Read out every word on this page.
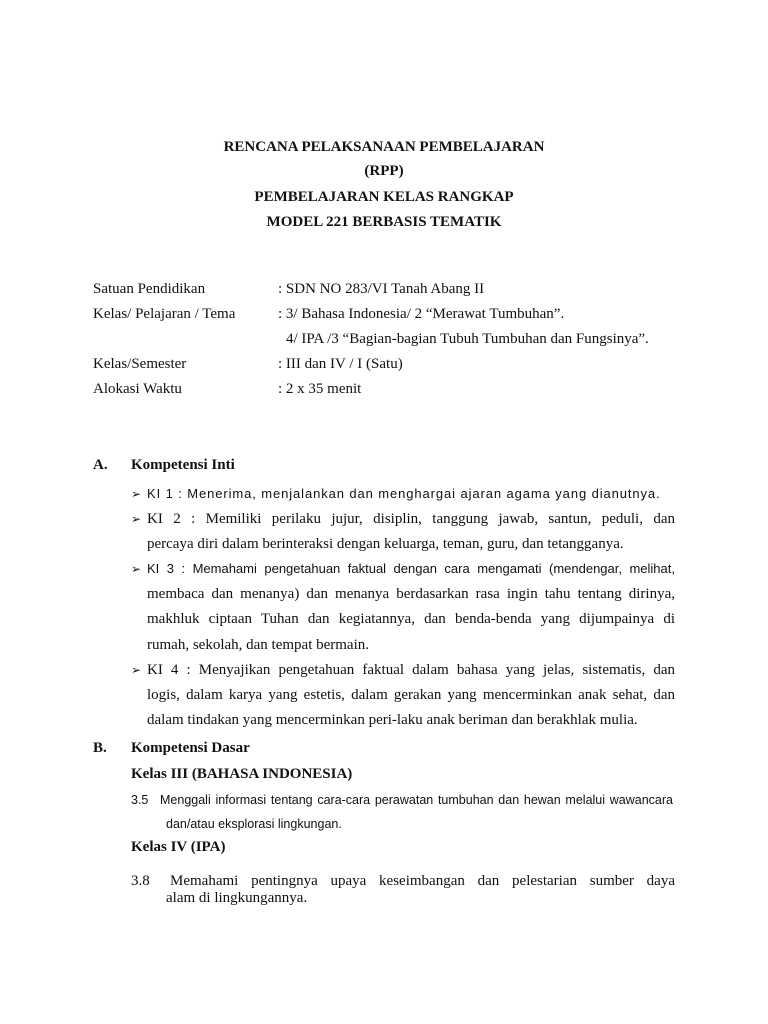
RENCANA PELAKSANAAN PEMBELAJARAN
(RPP)
PEMBELAJARAN KELAS RANGKAP
MODEL 221 BERBASIS TEMATIK
Satuan Pendidikan	: SDN NO 283/VI Tanah Abang II
Kelas/ Pelajaran / Tema	: 3/ Bahasa Indonesia/ 2 “Merawat Tumbuhan”.
4/ IPA /3 “Bagian-bagian Tubuh Tumbuhan dan Fungsinya”.
Kelas/Semester	: III dan IV / I (Satu)
Alokasi Waktu	: 2 x 35 menit
A. Kompetensi Inti
➢
KI 1 : Menerima, menjalankan dan menghargai ajaran agama yang dianutnya.
➢
KI 2 : Memiliki perilaku jujur, disiplin, tanggung jawab, santun, peduli, dan
percaya diri dalam berinteraksi dengan keluarga, teman, guru, dan tetangganya.
➢
KI 3 : Memahami pengetahuan faktual dengan cara mengamati (mendengar, melihat,
membaca dan menanya) dan menanya berdasarkan rasa ingin tahu tentang dirinya,
makhluk ciptaan Tuhan dan kegiatannya, dan benda-benda yang dijumpainya di
rumah, sekolah, dan tempat bermain.
➢
KI 4 : Menyajikan pengetahuan faktual dalam bahasa yang jelas, sistematis, dan
logis, dalam karya yang estetis, dalam gerakan yang mencerminkan anak sehat, dan
dalam tindakan yang mencerminkan peri-laku anak beriman dan berakhlak mulia.
B. Kompetensi Dasar
Kelas III (BAHASA INDONESIA)
3.5 Menggali informasi tentang cara-cara perawatan tumbuhan dan hewan melalui wawancara
dan/atau eksplorasi lingkungan.
Kelas IV (IPA)
3.8 Memahami pentingnya upaya keseimbangan dan pelestarian sumber daya
alam di lingkungannya.
